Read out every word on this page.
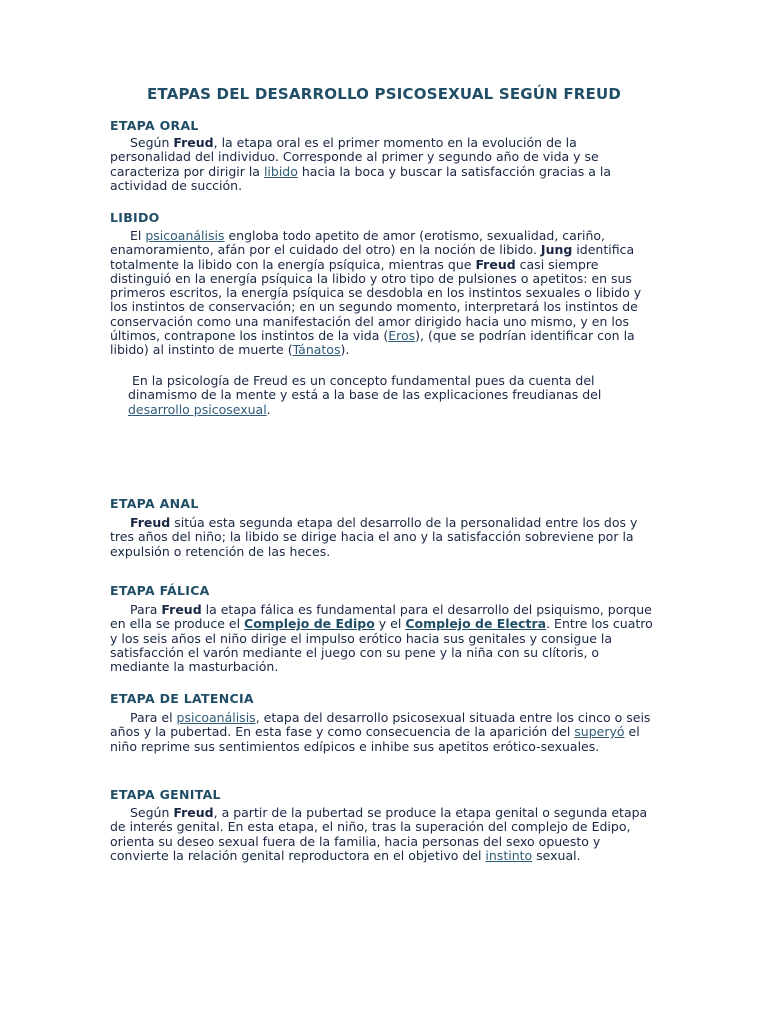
ETAPAS DEL DESARROLLO PSICOSEXUAL SEGÚN FREUD
ETAPA ORAL
Según Freud, la etapa oral es el primer momento en la evolución de la personalidad del individuo. Corresponde al primer y segundo año de vida y se caracteriza por dirigir la libido hacia la boca y buscar la satisfacción gracias a la actividad de succión.
LIBIDO
El psicoanálisis engloba todo apetito de amor (erotismo, sexualidad, cariño, enamoramiento, afán por el cuidado del otro) en la noción de libido. Jung identifica totalmente la libido con la energía psíquica, mientras que Freud casi siempre distinguió en la energía psíquica la libido y otro tipo de pulsiones o apetitos: en sus primeros escritos, la energía psíquica se desdobla en los instintos sexuales o libido y los instintos de conservación; en un segundo momento, interpretará los instintos de conservación como una manifestación del amor dirigido hacia uno mismo, y en los últimos, contrapone los instintos de la vida (Eros), (que se podrían identificar con la libido) al instinto de muerte (Tánatos).
En la psicología de Freud es un concepto fundamental pues da cuenta del dinamismo de la mente y está a la base de las explicaciones freudianas del desarrollo psicosexual.
ETAPA ANAL
Freud sitúa esta segunda etapa del desarrollo de la personalidad entre los dos y tres años del niño; la libido se dirige hacia el ano y la satisfacción sobreviene por la expulsión o retención de las heces.
ETAPA FÁLICA
Para Freud la etapa fálica es fundamental para el desarrollo del psiquismo, porque en ella se produce el Complejo de Edipo y el Complejo de Electra. Entre los cuatro y los seis años el niño dirige el impulso erótico hacia sus genitales y consigue la satisfacción el varón mediante el juego con su pene y la niña con su clítoris, o mediante la masturbación.
ETAPA DE LATENCIA
Para el psicoanálisis, etapa del desarrollo psicosexual situada entre los cinco o seis años y la pubertad. En esta fase y como consecuencia de la aparición del superyó el niño reprime sus sentimientos edípicos e inhibe sus apetitos erótico-sexuales.
ETAPA GENITAL
Según Freud, a partir de la pubertad se produce la etapa genital o segunda etapa de interés genital. En esta etapa, el niño, tras la superación del complejo de Edipo, orienta su deseo sexual fuera de la familia, hacia personas del sexo opuesto y convierte la relación genital reproductora en el objetivo del instinto sexual.
